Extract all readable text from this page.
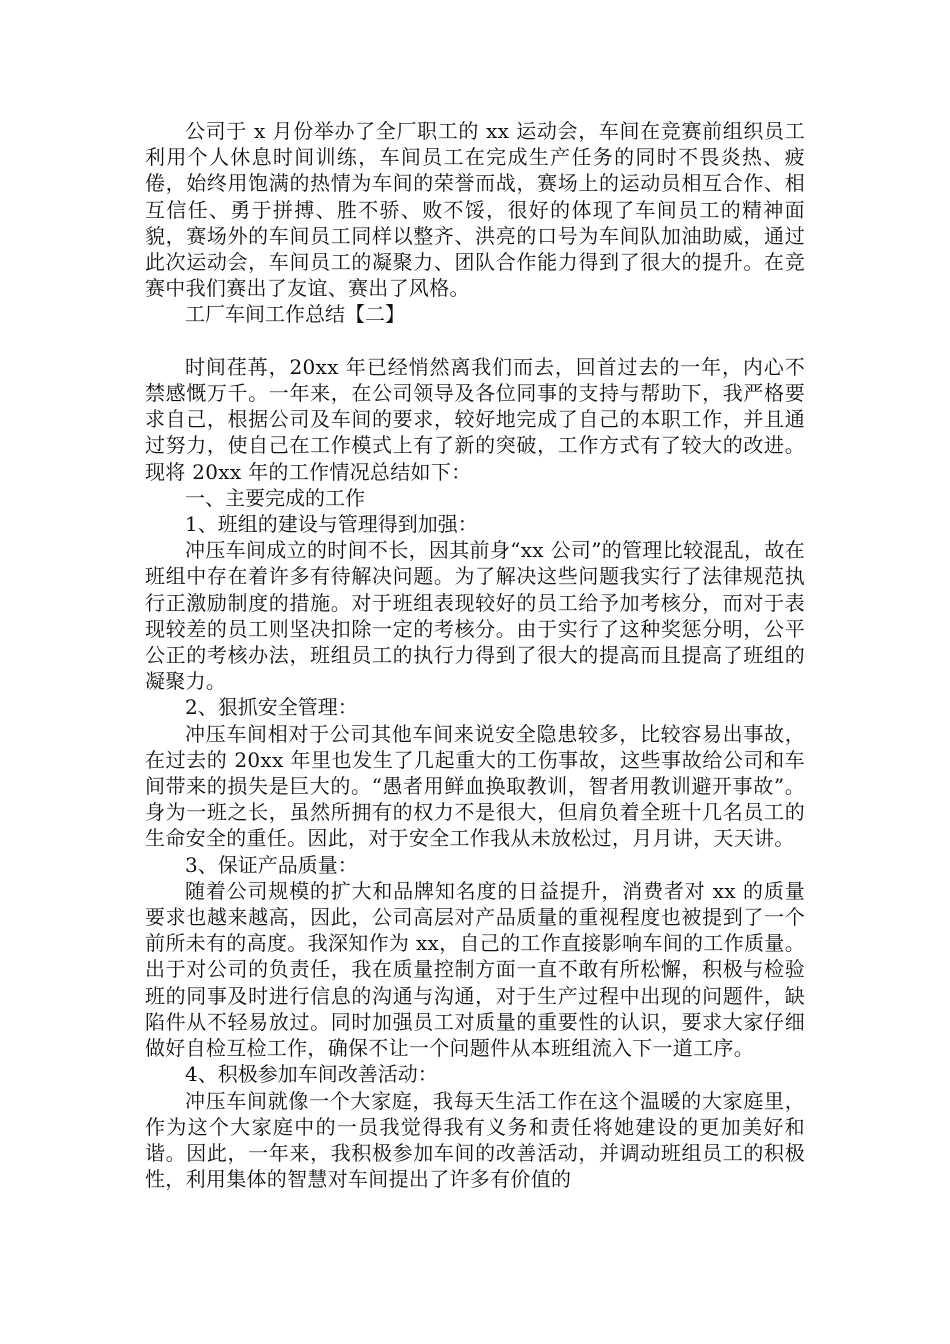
公司于 x 月份举办了全厂职工的 xx 运动会，车间在竞赛前组织员工利用个人休息时间训练，车间员工在完成生产任务的同时不畏炎热、疲倦，始终用饱满的热情为车间的荣誉而战，赛场上的运动员相互合作、相互信任、勇于拼搏、胜不骄、败不馁，很好的体现了车间员工的精神面貌，赛场外的车间员工同样以整齐、洪亮的口号为车间队加油助威，通过此次运动会，车间员工的凝聚力、团队合作能力得到了很大的提升。在竞赛中我们赛出了友谊、赛出了风格。

工厂车间工作总结【二】

时间荏苒，20xx 年已经悄然离我们而去，回首过去的一年，内心不禁感慨万千。一年来，在公司领导及各位同事的支持与帮助下，我严格要求自己，根据公司及车间的要求，较好地完成了自己的本职工作，并且通过努力，使自己在工作模式上有了新的突破，工作方式有了较大的改进。现将 20xx 年的工作情况总结如下：

一、主要完成的工作

1、班组的建设与管理得到加强：

冲压车间成立的时间不长，因其前身“xx 公司”的管理比较混乱，故在班组中存在着许多有待解决问题。为了解决这些问题我实行了法律规范执行正激励制度的措施。对于班组表现较好的员工给予加考核分，而对于表现较差的员工则坚决扣除一定的考核分。由于实行了这种奖惩分明，公平公正的考核办法，班组员工的执行力得到了很大的提高而且提高了班组的凝聚力。

2、狠抓安全管理：

冲压车间相对于公司其他车间来说安全隐患较多，比较容易出事故，在过去的 20xx 年里也发生了几起重大的工伤事故，这些事故给公司和车间带来的损失是巨大的。“愚者用鲜血换取教训，智者用教训避开事故”。身为一班之长，虽然所拥有的权力不是很大，但肩负着全班十几名员工的生命安全的重任。因此，对于安全工作我从未放松过，月月讲，天天讲。

3、保证产品质量：

随着公司规模的扩大和品牌知名度的日益提升，消费者对 xx 的质量要求也越来越高，因此，公司高层对产品质量的重视程度也被提到了一个前所未有的高度。我深知作为 xx，自己的工作直接影响车间的工作质量。出于对公司的负责任，我在质量控制方面一直不敢有所松懈，积极与检验班的同事及时进行信息的沟通与沟通，对于生产过程中出现的问题件，缺陷件从不轻易放过。同时加强员工对质量的重要性的认识，要求大家仔细做好自检互检工作，确保不让一个问题件从本班组流入下一道工序。

4、积极参加车间改善活动：

冲压车间就像一个大家庭，我每天生活工作在这个温暖的大家庭里，作为这个大家庭中的一员我觉得我有义务和责任将她建设的更加美好和谐。因此，一年来，我积极参加车间的改善活动，并调动班组员工的积极性，利用集体的智慧对车间提出了许多有价值的
